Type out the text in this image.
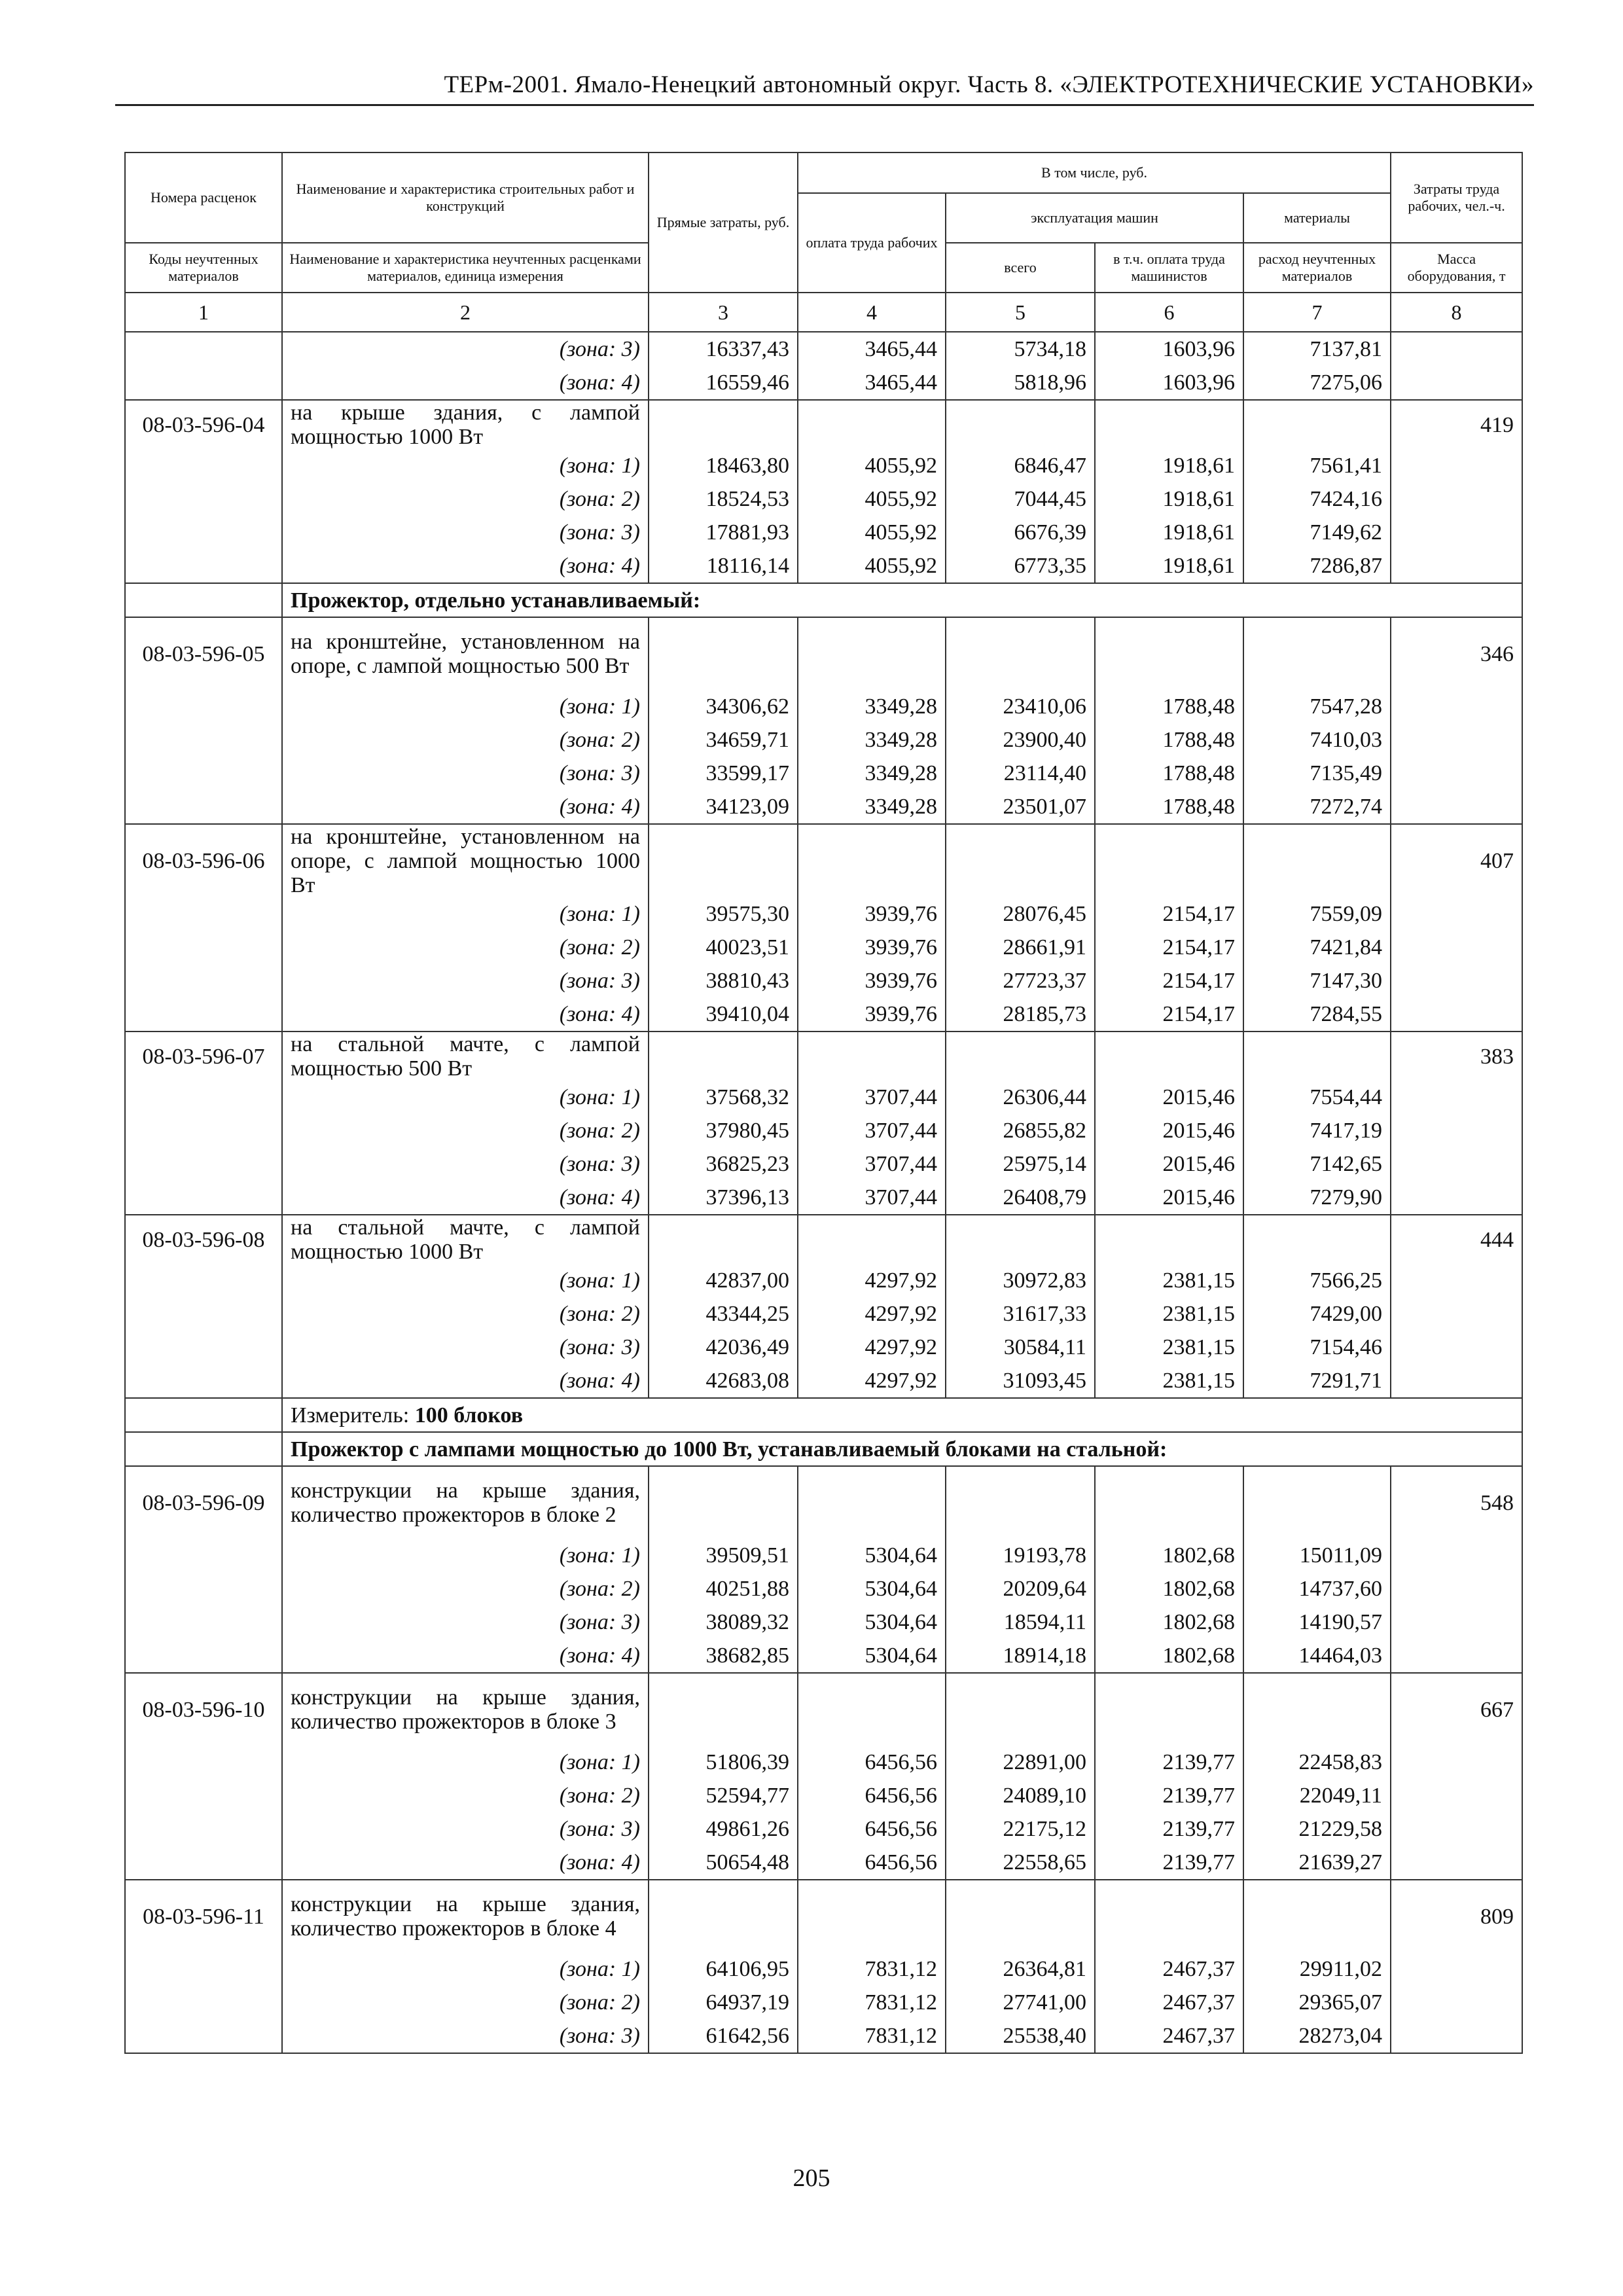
ТЕРм-2001. Ямало-Ненецкий автономный округ. Часть 8. «ЭЛЕКТРОТЕХНИЧЕСКИЕ УСТАНОВКИ»
Номера расценок	Наименование и характеристика строительных работ и конструкций	Прямые затраты, руб.	В том числе, руб.				Затраты труда рабочих, чел.-ч.
			оплата труда рабочих	эксплуатация машин		материалы	
Коды неучтенных материалов	Наименование и характеристика неучтенных расценками материалов, единица измерения			всего	в т.ч. оплата труда машинистов	расход неучтенных материалов	Масса оборудования, т
1	2	3	4	5	6	7	8
	(зона: 3)	16337,43	3465,44	5734,18	1603,96	7137,81	
	(зона: 4)	16559,46	3465,44	5818,96	1603,96	7275,06	
08-03-596-04	на крыше здания, с лампой мощностью 1000 Вт						419
	(зона: 1)	18463,80	4055,92	6846,47	1918,61	7561,41	
	(зона: 2)	18524,53	4055,92	7044,45	1918,61	7424,16	
	(зона: 3)	17881,93	4055,92	6676,39	1918,61	7149,62	
	(зона: 4)	18116,14	4055,92	6773,35	1918,61	7286,87	
	Прожектор, отдельно устанавливаемый:						
08-03-596-05	на кронштейне, установленном на опоре, с лампой мощностью 500 Вт						346
	(зона: 1)	34306,62	3349,28	23410,06	1788,48	7547,28	
	(зона: 2)	34659,71	3349,28	23900,40	1788,48	7410,03	
	(зона: 3)	33599,17	3349,28	23114,40	1788,48	7135,49	
	(зона: 4)	34123,09	3349,28	23501,07	1788,48	7272,74	
08-03-596-06	на кронштейне, установленном на опоре, с лампой мощностью 1000 Вт						407
	(зона: 1)	39575,30	3939,76	28076,45	2154,17	7559,09	
	(зона: 2)	40023,51	3939,76	28661,91	2154,17	7421,84	
	(зона: 3)	38810,43	3939,76	27723,37	2154,17	7147,30	
	(зона: 4)	39410,04	3939,76	28185,73	2154,17	7284,55	
08-03-596-07	на стальной мачте, с лампой мощностью 500 Вт						383
	(зона: 1)	37568,32	3707,44	26306,44	2015,46	7554,44	
	(зона: 2)	37980,45	3707,44	26855,82	2015,46	7417,19	
	(зона: 3)	36825,23	3707,44	25975,14	2015,46	7142,65	
	(зона: 4)	37396,13	3707,44	26408,79	2015,46	7279,90	
08-03-596-08	на стальной мачте, с лампой мощностью 1000 Вт						444
	(зона: 1)	42837,00	4297,92	30972,83	2381,15	7566,25	
	(зона: 2)	43344,25	4297,92	31617,33	2381,15	7429,00	
	(зона: 3)	42036,49	4297,92	30584,11	2381,15	7154,46	
	(зона: 4)	42683,08	4297,92	31093,45	2381,15	7291,71	
	Измеритель: 100 блоков						
	Прожектор с лампами мощностью до 1000 Вт, устанавливаемый блоками на стальной:						
08-03-596-09	конструкции на крыше здания, количество прожекторов в блоке 2						548
	(зона: 1)	39509,51	5304,64	19193,78	1802,68	15011,09	
	(зона: 2)	40251,88	5304,64	20209,64	1802,68	14737,60	
	(зона: 3)	38089,32	5304,64	18594,11	1802,68	14190,57	
	(зона: 4)	38682,85	5304,64	18914,18	1802,68	14464,03	
08-03-596-10	конструкции на крыше здания, количество прожекторов в блоке 3						667
	(зона: 1)	51806,39	6456,56	22891,00	2139,77	22458,83	
	(зона: 2)	52594,77	6456,56	24089,10	2139,77	22049,11	
	(зона: 3)	49861,26	6456,56	22175,12	2139,77	21229,58	
	(зона: 4)	50654,48	6456,56	22558,65	2139,77	21639,27	
08-03-596-11	конструкции на крыше здания, количество прожекторов в блоке 4						809
	(зона: 1)	64106,95	7831,12	26364,81	2467,37	29911,02	
	(зона: 2)	64937,19	7831,12	27741,00	2467,37	29365,07	
	(зона: 3)	61642,56	7831,12	25538,40	2467,37	28273,04	
205
